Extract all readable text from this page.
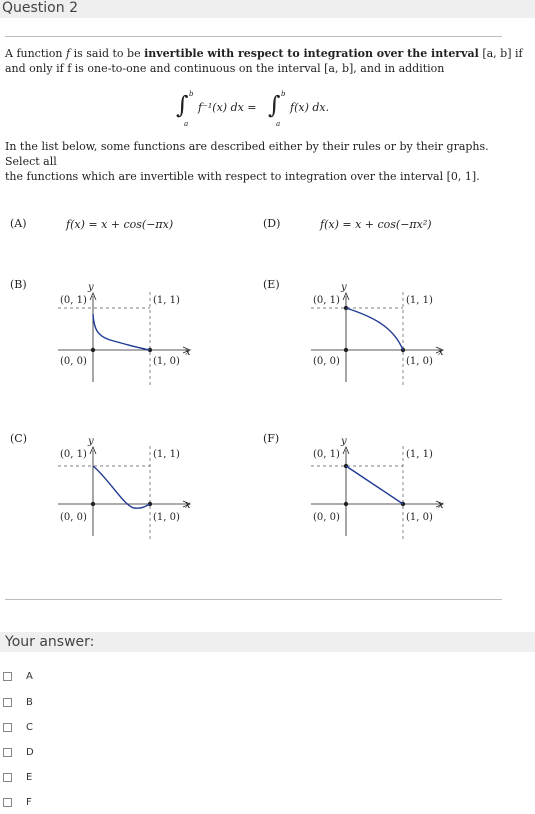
Question 2
A function f is said to be invertible with respect to integration over the interval [a, b] if
and only if f is one-to-one and continuous on the interval [a, b], and in addition
∫ b
a
f⁻¹(x) dx = ∫ b
a
f(x) dx.
In the list below, some functions are described either by their rules or by their graphs. Select all
the functions which are invertible with respect to integration over the interval [0, 1].
(A)	f(x) = x + cos(−πx)	(D)	f(x) = x + cos(−πx²)
(B)	(E)
(C)	(F)
y
(0, 1)	(1, 1)
(0, 0)	(1, 0)
x
y
(0, 1)	(1, 1)
(0, 0)	(1, 0)
x
y
(0, 1)	(1, 1)
(0, 0)	(1, 0)
x
y
(0, 1)	(1, 1)
(0, 0)	(1, 0)
x
Your answer:
A
B
C
D
E
F
